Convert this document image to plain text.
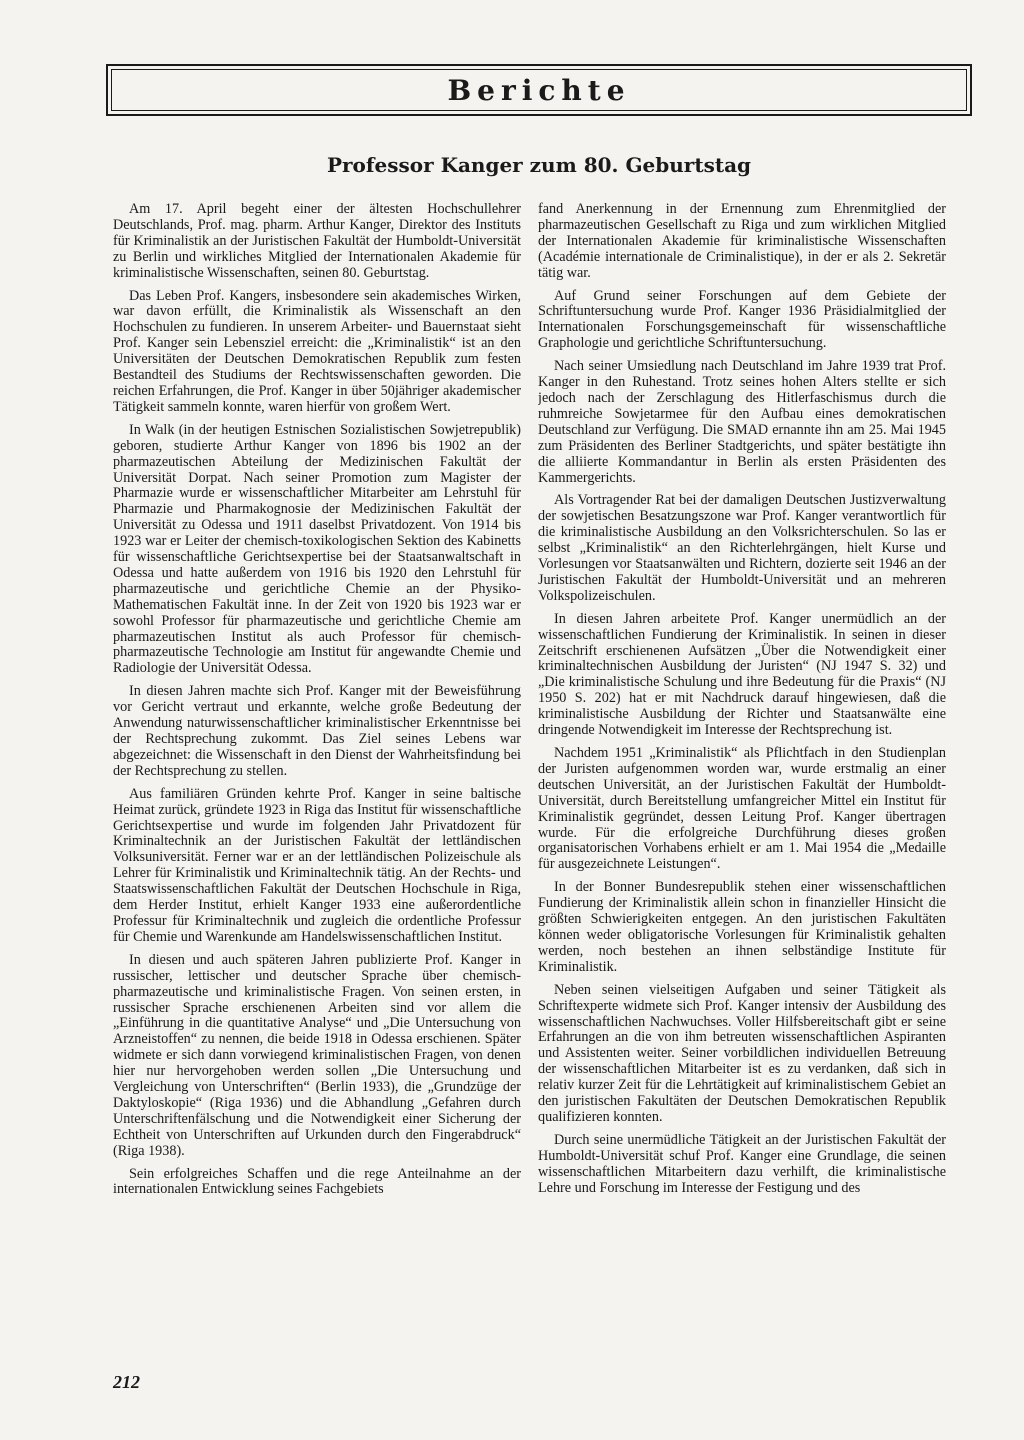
Berichte
Professor Kanger zum 80. Geburtstag

Am 17. April begeht einer der ältesten Hochschullehrer Deutschlands, Prof. mag. pharm. Arthur Kanger, Direktor des Instituts für Kriminalistik an der Juristischen Fakultät der Humboldt-Universität zu Berlin und wirkliches Mitglied der Internationalen Akademie für kriminalistische Wissenschaften, seinen 80. Geburtstag.

Das Leben Prof. Kangers, insbesondere sein akademisches Wirken, war davon erfüllt, die Kriminalistik als Wissenschaft an den Hochschulen zu fundieren. In unserem Arbeiter- und Bauernstaat sieht Prof. Kanger sein Lebensziel erreicht: die „Kriminalistik“ ist an den Universitäten der Deutschen Demokratischen Republik zum festen Bestandteil des Studiums der Rechtswissenschaften geworden. Die reichen Erfahrungen, die Prof. Kanger in über 50jähriger akademischer Tätigkeit sammeln konnte, waren hierfür von großem Wert.

In Walk (in der heutigen Estnischen Sozialistischen Sowjetrepublik) geboren, studierte Arthur Kanger von 1896 bis 1902 an der pharmazeutischen Abteilung der Medizinischen Fakultät der Universität Dorpat. Nach seiner Promotion zum Magister der Pharmazie wurde er wissenschaftlicher Mitarbeiter am Lehrstuhl für Pharmazie und Pharmakognosie der Medizinischen Fakultät der Universität zu Odessa und 1911 daselbst Privatdozent. Von 1914 bis 1923 war er Leiter der chemisch-toxikologischen Sektion des Kabinetts für wissenschaftliche Gerichtsexpertise bei der Staatsanwaltschaft in Odessa und hatte außerdem von 1916 bis 1920 den Lehrstuhl für pharmazeutische und gerichtliche Chemie an der Physiko-Mathematischen Fakultät inne. In der Zeit von 1920 bis 1923 war er sowohl Professor für pharmazeutische und gerichtliche Chemie am pharmazeutischen Institut als auch Professor für chemisch-pharmazeutische Technologie am Institut für angewandte Chemie und Radiologie der Universität Odessa.

In diesen Jahren machte sich Prof. Kanger mit der Beweisführung vor Gericht vertraut und erkannte, welche große Bedeutung der Anwendung naturwissenschaftlicher kriminalistischer Erkenntnisse bei der Rechtsprechung zukommt. Das Ziel seines Lebens war abgezeichnet: die Wissenschaft in den Dienst der Wahrheitsfindung bei der Rechtsprechung zu stellen.

Aus familiären Gründen kehrte Prof. Kanger in seine baltische Heimat zurück, gründete 1923 in Riga das Institut für wissenschaftliche Gerichtsexpertise und wurde im folgenden Jahr Privatdozent für Kriminaltechnik an der Juristischen Fakultät der lettländischen Volksuniversität. Ferner war er an der lettländischen Polizeischule als Lehrer für Kriminalistik und Kriminaltechnik tätig. An der Rechts- und Staatswissenschaftlichen Fakultät der Deutschen Hochschule in Riga, dem Herder Institut, erhielt Kanger 1933 eine außerordentliche Professur für Kriminaltechnik und zugleich die ordentliche Professur für Chemie und Warenkunde am Handelswissenschaftlichen Institut.

In diesen und auch späteren Jahren publizierte Prof. Kanger in russischer, lettischer und deutscher Sprache über chemisch-pharmazeutische und kriminalistische Fragen. Von seinen ersten, in russischer Sprache erschienenen Arbeiten sind vor allem die „Einführung in die quantitative Analyse“ und „Die Untersuchung von Arzneistoffen“ zu nennen, die beide 1918 in Odessa erschienen. Später widmete er sich dann vorwiegend kriminalistischen Fragen, von denen hier nur hervorgehoben werden sollen „Die Untersuchung und Vergleichung von Unterschriften“ (Berlin 1933), die „Grundzüge der Daktyloskopie“ (Riga 1936) und die Abhandlung „Gefahren durch Unterschriftenfälschung und die Notwendigkeit einer Sicherung der Echtheit von Unterschriften auf Urkunden durch den Fingerabdruck“ (Riga 1938).

Sein erfolgreiches Schaffen und die rege Anteilnahme an der internationalen Entwicklung seines Fachgebiets

fand Anerkennung in der Ernennung zum Ehrenmitglied der pharmazeutischen Gesellschaft zu Riga und zum wirklichen Mitglied der Internationalen Akademie für kriminalistische Wissenschaften (Académie internationale de Criminalistique), in der er als 2. Sekretär tätig war.

Auf Grund seiner Forschungen auf dem Gebiete der Schriftuntersuchung wurde Prof. Kanger 1936 Präsidialmitglied der Internationalen Forschungsgemeinschaft für wissenschaftliche Graphologie und gerichtliche Schriftuntersuchung.

Nach seiner Umsiedlung nach Deutschland im Jahre 1939 trat Prof. Kanger in den Ruhestand. Trotz seines hohen Alters stellte er sich jedoch nach der Zerschlagung des Hitlerfaschismus durch die ruhmreiche Sowjetarmee für den Aufbau eines demokratischen Deutschland zur Verfügung. Die SMAD ernannte ihn am 25. Mai 1945 zum Präsidenten des Berliner Stadtgerichts, und später bestätigte ihn die alliierte Kommandantur in Berlin als ersten Präsidenten des Kammergerichts.

Als Vortragender Rat bei der damaligen Deutschen Justizverwaltung der sowjetischen Besatzungszone war Prof. Kanger verantwortlich für die kriminalistische Ausbildung an den Volksrichterschulen. So las er selbst „Kriminalistik“ an den Richterlehrgängen, hielt Kurse und Vorlesungen vor Staatsanwälten und Richtern, dozierte seit 1946 an der Juristischen Fakultät der Humboldt-Universität und an mehreren Volkspolizeischulen.

In diesen Jahren arbeitete Prof. Kanger unermüdlich an der wissenschaftlichen Fundierung der Kriminalistik. In seinen in dieser Zeitschrift erschienenen Aufsätzen „Über die Notwendigkeit einer kriminaltechnischen Ausbildung der Juristen“ (NJ 1947 S. 32) und „Die kriminalistische Schulung und ihre Bedeutung für die Praxis“ (NJ 1950 S. 202) hat er mit Nachdruck darauf hingewiesen, daß die kriminalistische Ausbildung der Richter und Staatsanwälte eine dringende Notwendigkeit im Interesse der Rechtsprechung ist.

Nachdem 1951 „Kriminalistik“ als Pflichtfach in den Studienplan der Juristen aufgenommen worden war, wurde erstmalig an einer deutschen Universität, an der Juristischen Fakultät der Humboldt-Universität, durch Bereitstellung umfangreicher Mittel ein Institut für Kriminalistik gegründet, dessen Leitung Prof. Kanger übertragen wurde. Für die erfolgreiche Durchführung dieses großen organisatorischen Vorhabens erhielt er am 1. Mai 1954 die „Medaille für ausgezeichnete Leistungen“.

In der Bonner Bundesrepublik stehen einer wissenschaftlichen Fundierung der Kriminalistik allein schon in finanzieller Hinsicht die größten Schwierigkeiten entgegen. An den juristischen Fakultäten können weder obligatorische Vorlesungen für Kriminalistik gehalten werden, noch bestehen an ihnen selbständige Institute für Kriminalistik.

Neben seinen vielseitigen Aufgaben und seiner Tätigkeit als Schriftexperte widmete sich Prof. Kanger intensiv der Ausbildung des wissenschaftlichen Nachwuchses. Voller Hilfsbereitschaft gibt er seine Erfahrungen an die von ihm betreuten wissenschaftlichen Aspiranten und Assistenten weiter. Seiner vorbildlichen individuellen Betreuung der wissenschaftlichen Mitarbeiter ist es zu verdanken, daß sich in relativ kurzer Zeit für die Lehrtätigkeit auf kriminalistischem Gebiet an den juristischen Fakultäten der Deutschen Demokratischen Republik qualifizieren konnten.

Durch seine unermüdliche Tätigkeit an der Juristischen Fakultät der Humboldt-Universität schuf Prof. Kanger eine Grundlage, die seinen wissenschaftlichen Mitarbeitern dazu verhilft, die kriminalistische Lehre und Forschung im Interesse der Festigung und des

212
